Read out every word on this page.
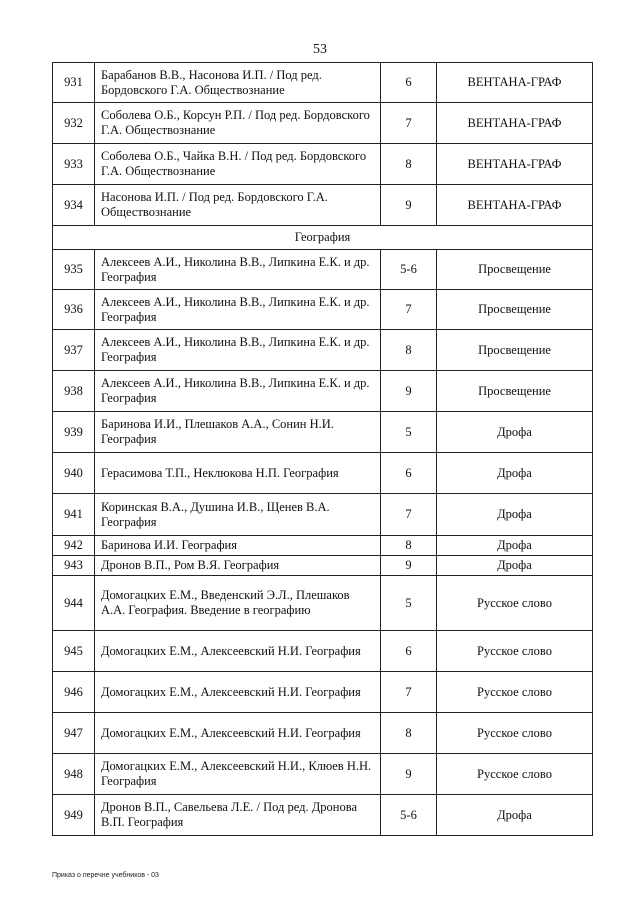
53
931	Барабанов В.В., Насонова И.П. / Под ред. Бордовского Г.А. Обществознание	6	ВЕНТАНА-ГРАФ
932	Соболева О.Б., Корсун Р.П. / Под ред. Бордовского Г.А. Обществознание	7	ВЕНТАНА-ГРАФ
933	Соболева О.Б., Чайка В.Н. / Под ред. Бордовского Г.А. Обществознание	8	ВЕНТАНА-ГРАФ
934	Насонова И.П. / Под ред. Бордовского Г.А. Обществознание	9	ВЕНТАНА-ГРАФ
География			
935	Алексеев А.И., Николина В.В., Липкина Е.К. и др. География	5-6	Просвещение
936	Алексеев А.И., Николина В.В., Липкина Е.К. и др. География	7	Просвещение
937	Алексеев А.И., Николина В.В., Липкина Е.К. и др. География	8	Просвещение
938	Алексеев А.И., Николина В.В., Липкина Е.К. и др. География	9	Просвещение
939	Баринова И.И., Плешаков А.А., Сонин Н.И. География	5	Дрофа
940	Герасимова Т.П., Неклюкова Н.П. География	6	Дрофа
941	Коринская В.А., Душина И.В., Щенев В.А. География	7	Дрофа
942	Баринова И.И. География	8	Дрофа
943	Дронов В.П., Ром В.Я. География	9	Дрофа
944	Домогацких Е.М., Введенский Э.Л., Плешаков А.А. География. Введение в географию	5	Русское слово
945	Домогацких Е.М., Алексеевский Н.И. География	6	Русское слово
946	Домогацких Е.М., Алексеевский Н.И. География	7	Русское слово
947	Домогацких Е.М., Алексеевский Н.И. География	8	Русское слово
948	Домогацких Е.М., Алексеевский Н.И., Клюев Н.Н. География	9	Русское слово
949	Дронов В.П., Савельева Л.Е. / Под ред. Дронова В.П. География	5-6	Дрофа
Приказ о перечне учебников - 03
